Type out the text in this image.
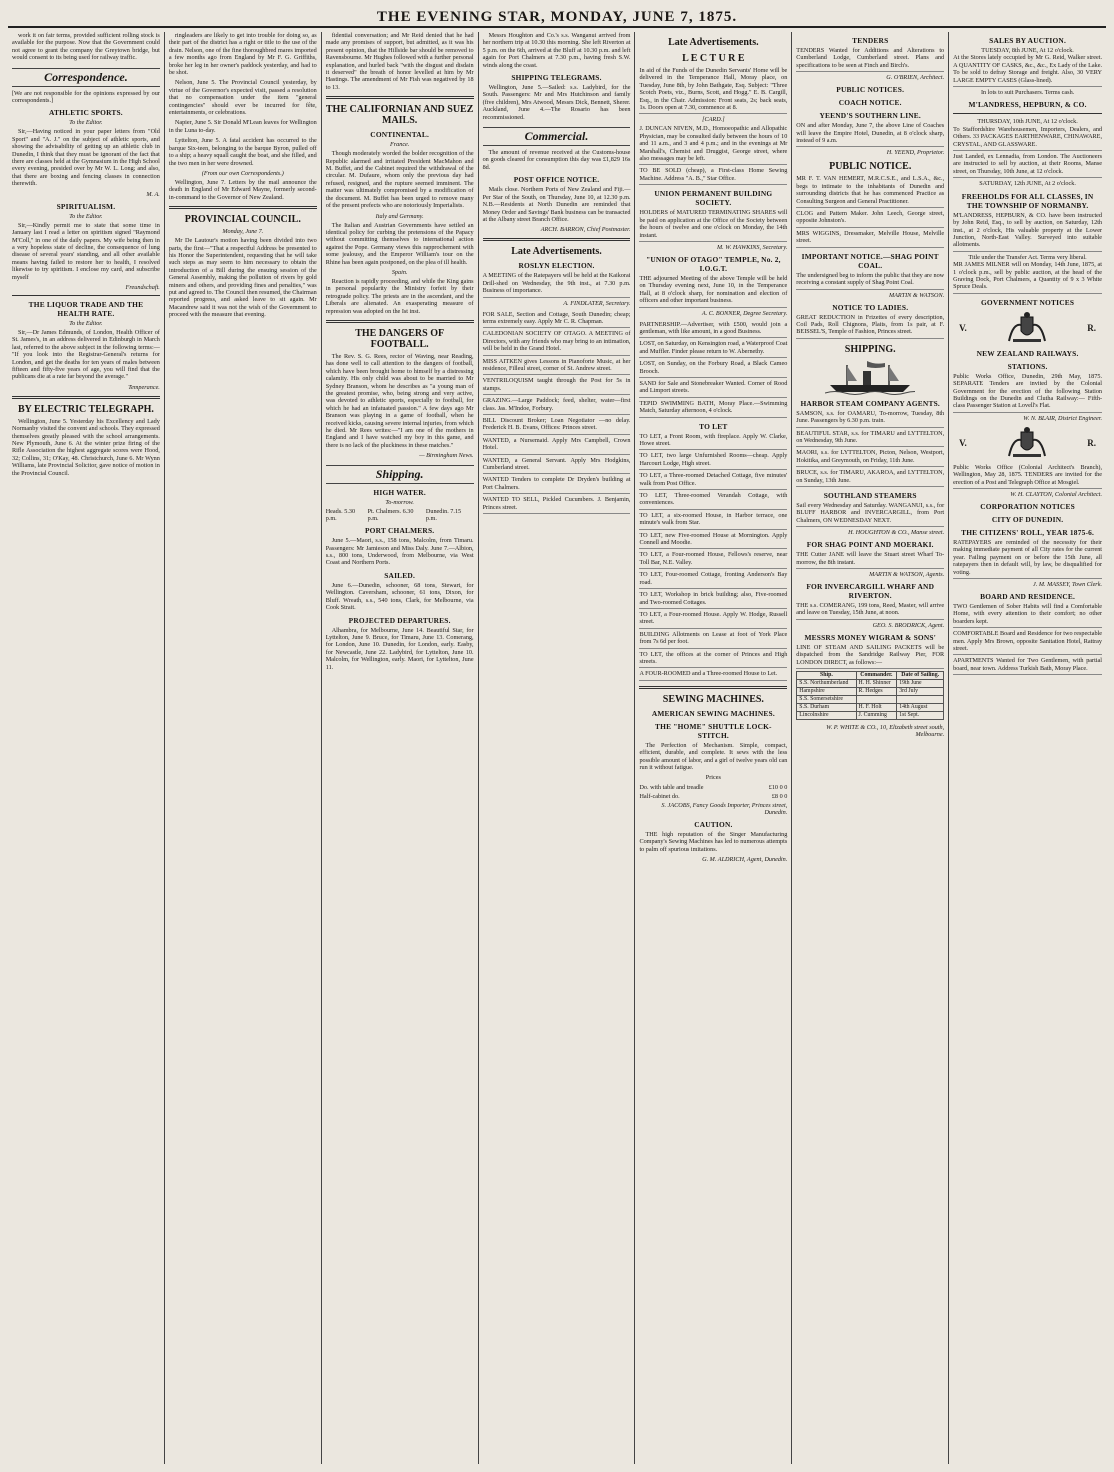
THE EVENING STAR, MONDAY, JUNE 7, 1875.

work it on fair terms, provided sufficient rolling stock is available for the purpose. Now that the Government could not agree to grant the company the Greytown bridge, but would consent to its being used for railway traffic.

Correspondence.

[We are not responsible for the opinions expressed by our correspondents.]

ATHLETIC SPORTS.
To the Editor.

Sir,—Having noticed in your paper letters from "Old Sport" and "A. J." on the subject of athletic sports, and showing the advisability of getting up an athletic club in Dunedin, I think that they must be ignorant of the fact that there are classes held at the Gymnasium in the High School every evening, presided over by Mr W. L. Long; and also, that there are boxing and fencing classes in connection therewith.

M. A.
SPIRITUALISM.
To the Editor.

Sir,—Kindly permit me to state that some time in January last I read a letter on spiritism signed "Raymond M'Coll," in one of the daily papers. My wife being then in a very hopeless state of decline, the consequence of lung disease of several years' standing, and all other available means having failed to restore her to health, I resolved likewise to try spiritism. I enclose my card, and subscribe myself

Freundschaft.
THE LIQUOR TRADE AND THE HEALTH RATE.
To the Editor.

Sir,—Dr James Edmunds, of London, Health Officer of St. James's, in an address delivered in Edinburgh in March last, referred to the above subject in the following terms:— "If you look into the Registrar-General's returns for London, and get the deaths for ten years of males between fifteen and fifty-five years of age, you will find that the publicans die at a rate far beyond the average."

Temperance.
BY ELECTRIC TELEGRAPH.

Wellington, June 5. Yesterday his Excellency and Lady Normanby visited the convent and schools. They expressed themselves greatly pleased with the school arrangements. New Plymouth, June 6. At the winter prize firing of the Rifle Association the highest aggregate scores were Hood, 32; Collins, 31; O'Kay, 48. Christchurch, June 6. Mr Wynn Williams, late Provincial Solicitor, gave notice of motion in the Provincial Council.

ringleaders are likely to get into trouble for doing so, as their part of the district has a right or title to the use of the drain. Nelson, one of the fine thoroughbred mares imported a few months ago from England by Mr F. G. Griffiths, broke her leg in her owner's paddock yesterday, and had to be shot.

Nelson, June 5. The Provincial Council yesterday, by virtue of the Governor's expected visit, passed a resolution that no compensation under the item "general contingencies" should ever be incurred for fête, entertainments, or celebrations.

Napier, June 5. Sir Donald M'Lean leaves for Wellington in the Luna to-day.

Lyttelton, June 5. A fatal accident has occurred to the barque Six-teen, belonging to the barque Byron, pulled off to a ship; a heavy squall caught the boat, and she filled, and the two men in her were drowned.

(From our own Correspondents.)

Wellington, June 7. Letters by the mail announce the death in England of Mr Edward Mayne, formerly second-in-command to the Governor of New Zealand.

PROVINCIAL COUNCIL.
Monday, June 7.

Mr De Lautour's motion having been divided into two parts, the first—"That a respectful Address be presented to his Honor the Superintendent, requesting that he will take such steps as may seem to him necessary to obtain the introduction of a Bill during the ensuing session of the General Assembly, making the pollution of rivers by gold miners and others, and providing fines and penalties," was put and agreed to. The Council then resumed, the Chairman reported progress, and asked leave to sit again. Mr Macandrew said it was not the wish of the Government to proceed with the measure that evening.

fidential conversation; and Mr Reid denied that he had made any promises of support, but admitted, as it was his present opinion, that the Hillside bar should be removed to Ravensbourne. Mr Hughes followed with a further personal explanation, and hurled back "with the disgust and disdain it deserved" the breath of honor levelled at him by Mr Hastings. The amendment of Mr Fish was negatived by 18 to 13.

THE CALIFORNIAN AND SUEZ MAILS.
CONTINENTAL.
France.

Though moderately worded the bolder recognition of the Republic alarmed and irritated President MacMahon and M. Buffet, and the Cabinet required the withdrawal of the circular. M. Dufaure, whom only the previous day had refused, resigned, and the rupture seemed imminent. The matter was ultimately compromised by a modification of the document. M. Buffet has been urged to remove many of the present prefects who are notoriously Imperialists.

Italy and Germany.

The Italian and Austrian Governments have settled an identical policy for curbing the pretensions of the Papacy without committing themselves to international action against the Pope. Germany views this rapprochement with some jealousy, and the Emperor William's tour on the Rhine has been again postponed, on the plea of ill health.

Spain.

Reaction is rapidly proceeding, and while the King gains in personal popularity the Ministry forfeit by their retrograde policy. The priests are in the ascendant, and the Liberals are alienated. An exasperating measure of repression was adopted on the Ist inst.

THE DANGERS OF FOOTBALL.

The Rev. S. G. Rees, rector of Waving, near Reading, has done well to call attention to the dangers of football, which have been brought home to himself by a distressing calamity. His only child was about to be married to Mr Sydney Branson, whom he describes as "a young man of the greatest promise, who, being strong and very active, was devoted to athletic sports, especially to football, for which he had an infatuated passion." A few days ago Mr Branson was playing in a game of football, when he received kicks, causing severe internal injuries, from which he died. Mr Rees writes:—"I am one of the mothers in England and I have watched my boy in this game, and there is no lack of the pluckiness in these matches."

— Birmingham News.
Shipping.
HIGH WATER.
To-morrow.
Heads. 5.30 p.m.
Pt. Chalmers. 6.30 p.m.
Dunedin. 7.15 p.m.
PORT CHALMERS.

June 5.—Maori, s.s., 158 tons, Malcolm, from Timaru. Passengers: Mr Jamieson and Miss Daly. June 7.—Albion, s.s., 800 tons, Underwood, from Melbourne, via West Coast and Northern Ports.

SAILED.

June 6.—Dunedin, schooner, 68 tons, Stewart, for Wellington. Caversham, schooner, 61 tons, Dixon, for Bluff. Wreath, s.s., 540 tons, Clark, for Melbourne, via Cook Strait.

PROJECTED DEPARTURES.

Alhambra, for Melbourne, June 14. Beautiful Star, for Lyttelton, June 9. Bruce, for Timaru, June 13. Comerang, for London, June 10. Dunedin, for London, early. Easby, for Newcastle, June 22. Ladybird, for Lyttelton, June 10. Malcolm, for Wellington, early. Maori, for Lyttelton, June 11.

Messrs Houghton and Co.'s s.s. Wanganui arrived from her northern trip at 10.30 this morning. She left Riverton at 5 p.m. on the 6th, arrived at the Bluff at 10.30 p.m. and left again for Port Chalmers at 7.30 p.m., having fresh S.W. winds along the coast.

SHIPPING TELEGRAMS.

Wellington, June 5.—Sailed: s.s. Ladybird, for the South. Passengers: Mr and Mrs Hutchinson and family (five children), Mrs Atwood, Messrs Dick, Bennett, Sherer. Auckland, June 4.—The Rosario has been recommissioned.

Commercial.

The amount of revenue received at the Customs-house on goods cleared for consumption this day was £1,829 16s 8d.

POST OFFICE NOTICE.

Mails close. Northern Ports of New Zealand and Fiji.—Per Star of the South, on Thursday, June 10, at 12.30 p.m. N.B.—Residents at North Dunedin are reminded that Money Order and Savings' Bank business can be transacted at the Albany street Branch Office.

ARCH. BARRON, Chief Postmaster.
Late Advertisements.
ROSLYN ELECTION.
A MEETING of the Ratepayers will be held at the Kaikorai Drill-shed on Wednesday, the 9th inst., at 7.30 p.m. Business of importance.
A. FINDLATER, Secretary.
FOR SALE, Section and Cottage, South Dunedin; cheap; terms extremely easy. Apply Mr C. R. Chapman.
CALEDONIAN SOCIETY OF OTAGO. A MEETING of Directors, with any friends who may bring to an intimation, will be held in the Grand Hotel.
MISS AITKEN gives Lessons in Pianoforte Music, at her residence, Filleul street, corner of St. Andrew street.
VENTRILOQUISM taught through the Post for 5s in stamps.
GRAZING.—Large Paddock; feed, shelter, water—first class. Jas. M'Indoe, Forbury.
BILL Discount Broker; Loan Negotiator —no delay. Frederick H. B. Evans, Offices: Princes street.
WANTED, a Nursemaid. Apply Mrs Campbell, Crown Hotel.
WANTED, a General Servant. Apply Mrs Hodgkins, Cumberland street.
WANTED Tenders to complete Dr Dryden's building at Port Chalmers.
WANTED TO SELL, Pickled Cucumbers. J. Benjamin, Princes street.
Late Advertisements.
L E C T U R E
In aid of the Funds of the Dunedin Servants' Home will be delivered in the Temperance Hall, Moray place, on Tuesday, June 8th, by John Bathgate, Esq. Subject: "Three Scotch Poets, viz., Burns, Scott, and Hogg." E. B. Cargill, Esq., in the Chair. Admission: Front seats, 2s; back seats, 1s. Doors open at 7.30, commence at 8.
[CARD.]
J. DUNCAN NIVEN, M.D., Homoeopathic and Allopathic Physician, may be consulted daily between the hours of 10 and 11 a.m., and 3 and 4 p.m.; and in the evenings at Mr Marshall's, Chemist and Druggist, George street, where also messages may be left.
TO BE SOLD (cheap), a First-class Home Sewing Machine. Address "A. B.," Star Office.
UNION PERMANENT BUILDING SOCIETY.
HOLDERS of MATURED TERMINATING SHARES will be paid on application at the Office of the Society between the hours of twelve and one o'clock on Monday, the 14th instant.
M. W. HAWKINS, Secretary.
"UNION OF OTAGO" TEMPLE, No. 2, I.O.G.T.
THE adjourned Meeting of the above Temple will be held on Thursday evening next, June 10, in the Temperance Hall, at 8 o'clock sharp, for nomination and election of officers and other important business.
A. C. BONNER, Degree Secretary.
PARTNERSHIP.—Advertiser, with £500, would join a gentleman, with like amount, in a good Business.
LOST, on Saturday, on Kensington road, a Waterproof Coat and Muffler. Finder please return to W. Abernethy.
LOST, on Sunday, on the Forbury Road, a Black Cameo Brooch.
SAND for Sale and Stonebreaker Wanted. Corner of Rood and Limport streets.
TEPID SWIMMING BATH, Moray Place.—Swimming Match, Saturday afternoon, 4 o'clock.
TO LET
TO LET, a Front Room, with fireplace. Apply W. Clarke, Howe street.
TO LET, two large Unfurnished Rooms—cheap. Apply Harcourt Lodge, High street.
TO LET, a Three-roomed Detached Cottage, five minutes' walk from Post Office.
TO LET, Three-roomed Verandah Cottage, with conveniences.
TO LET, a six-roomed House, in Harbor terrace, one minute's walk from Star.
TO LET, new Five-roomed House at Mornington. Apply Connell and Moodie.
TO LET, a Four-roomed House, Fellows's reserve, near Toll Bar, N.E. Valley.
TO LET, Four-roomed Cottage, fronting Anderson's Bay road.
TO LET, Workshop in brick building; also, Five-roomed and Two-roomed Cottages.
TO LET, a Four-roomed House. Apply W. Hodge, Russell street.
BUILDING Allotments on Lease at foot of York Place from 7s 6d per foot.
TO LET, the offices at the corner of Princes and High streets.
A FOUR-ROOMED and a Three-roomed House to Let.
SEWING MACHINES.
AMERICAN SEWING MACHINES.
THE "HOME" SHUTTLE LOCK-STITCH.

The Perfection of Mechanism. Simple, compact, efficient, durable, and complete. It sews with the less possible amount of labor, and a girl of twelve years old can run it without fatigue.

Prices
Do. with table and treadle	£10 0 0
Half-cabinet do.	£8 0 0
S. JACOBS, Fancy Goods Importer, Princes street, Dunedin.
CAUTION.

THE high reputation of the Singer Manufacturing Company's Sewing Machines has led to numerous attempts to palm off spurious imitations.

G. M. ALDRICH, Agent, Dunedin.
TENDERS
TENDERS Wanted for Additions and Alterations to Cumberland Lodge, Cumberland street. Plans and specifications to be seen at Finch and Birch's.
G. O'BRIEN, Architect.
PUBLIC NOTICES.
COACH NOTICE.
YEEND'S SOUTHERN LINE.
ON and after Monday, June 7, the above Line of Coaches will leave the Empire Hotel, Dunedin, at 8 o'clock sharp, instead of 9 a.m.
H. YEEND, Proprietor.
PUBLIC NOTICE.
MR F. T. VAN HEMERT, M.R.C.S.E., and L.S.A., &c., begs to intimate to the inhabitants of Dunedin and surrounding districts that he has commenced Practice as Consulting Surgeon and General Practitioner.
CLOG and Pattern Maker. John Leech, George street, opposite Johnston's.
MRS WIGGINS, Dressmaker, Melville House, Melville street.
IMPORTANT NOTICE.—SHAG POINT COAL.
The undersigned beg to inform the public that they are now receiving a constant supply of Shag Point Coal.
MARTIN & WATSON.
NOTICE TO LADIES.
GREAT REDUCTION in Frizettes of every description, Coil Pads, Roll Chignons, Plaits, from 1s pair, at F. BEISSEL'S, Temple of Fashion, Princes street.
SHIPPING.
HARBOR STEAM COMPANY AGENTS.
SAMSON, s.s. for OAMARU, To-morrow, Tuesday, 8th June. Passengers by 6.30 p.m. train.
BEAUTIFUL STAR, s.s. for TIMARU and LYTTELTON, on Wednesday, 9th June.
MAORI, s.s. for LYTTELTON, Picton, Nelson, Westport, Hokitika, and Greymouth, on Friday, 11th June.
BRUCE, s.s. for TIMARU, AKAROA, and LYTTELTON, on Sunday, 13th June.
SOUTHLAND STEAMERS
Sail every Wednesday and Saturday. WANGANUI, s.s., for BLUFF HARBOR and INVERCARGILL, from Port Chalmers, ON WEDNESDAY NEXT.
H. HOUGHTON & CO., Manse street.
FOR SHAG POINT AND MOERAKI.
THE Cutter JANE will leave the Stuart street Wharf To-morrow, the 8th instant.
MARTIN & WATSON, Agents.
FOR INVERCARGILL WHARF AND RIVERTON.
THE s.s. COMERANG, 199 tons, Reed, Master, will arrive and leave on Tuesday, 15th June, at noon.
GEO. S. BRODRICK, Agent.
MESSRS MONEY WIGRAM & SONS'
LINE OF STEAM AND SAILING PACKETS will be dispatched from the Sandridge Railway Pier, FOR LONDON DIRECT, as follows:—
Ship.	Commander.	Date of Sailing.
S.S. Northumberland	H. H. Shinner	19th June
Hampshire	R. Hedges	3rd July
S.S. Somersetshire		
S.S. Durham	H. F. Holt	14th August
Lincolnshire	J. Cumming	1st Sept.
W. P. WHITE & CO., 10, Elizabeth street south, Melbourne.
SALES BY AUCTION.
TUESDAY, 8th JUNE, At 12 o'clock.
At the Stores lately occupied by Mr G. Reid, Walker street. A QUANTITY OF CASKS, &c., &c., Ex Lady of the Lake. To be sold to defray Storage and freight. Also, 30 VERY LARGE EMPTY CASES (Glass-lined).
In lots to suit Purchasers. Terms cash.
M'LANDRESS, HEPBURN, & CO.
THURSDAY, 10th JUNE, At 12 o'clock.
To Staffordshire Warehousemen, Importers, Dealers, and Others. 33 PACKAGES EARTHENWARE, CHINAWARE, CRYSTAL, AND GLASSWARE.
Just Landed, ex Lennadia, from London. The Auctioneers are instructed to sell by auction, at their Rooms, Manse street, on Thursday, 10th June, at 12 o'clock.
SATURDAY, 12th JUNE, At 2 o'clock.
FREEHOLDS FOR ALL CLASSES, IN THE TOWNSHIP OF NORMANBY.
M'LANDRESS, HEPBURN, & CO. have been instructed by John Reid, Esq., to sell by auction, on Saturday, 12th inst., at 2 o'clock, His valuable property at the Lower Junction, North-East Valley. Surveyed into suitable allotments.
Title under the Transfer Act. Terms very liberal.
MR JAMES MILNER will on Monday, 14th June, 1875, at 1 o'clock p.m., sell by public auction, at the head of the Graving Dock, Port Chalmers, a Quantity of 9 x 3 White Spruce Deals.
GOVERNMENT NOTICES
V.	R.
NEW ZEALAND RAILWAYS.
STATIONS.
Public Works Office, Dunedin, 29th May, 1875. SEPARATE Tenders are invited by the Colonial Government for the erection of the following Station Buildings on the Dunedin and Clutha Railway:— Fifth-class Passenger Station at Lovell's Flat.
W. N. BLAIR, District Engineer.
V.	R.
Public Works Office (Colonial Architect's Branch), Wellington, May 28, 1875. TENDERS are invited for the erection of a Post and Telegraph Office at Mosgiel.
W. H. CLAYTON, Colonial Architect.
CORPORATION NOTICES
CITY OF DUNEDIN.
THE CITIZENS' ROLL, YEAR 1875-6.
RATEPAYERS are reminded of the necessity for their making immediate payment of all City rates for the current year. Failing payment on or before the 15th June, all ratepayers then in default will, by law, be disqualified for voting.
J. M. MASSEY, Town Clerk.
BOARD AND RESIDENCE.
TWO Gentlemen of Sober Habits will find a Comfortable Home, with every attention to their comfort; no other boarders kept.
COMFORTABLE Board and Residence for two respectable men. Apply Mrs Brown, opposite Sanitation Hotel, Rattray street.
APARTMENTS Wanted for Two Gentlemen, with partial board, near town. Address Turkish Bath, Moray Place.
